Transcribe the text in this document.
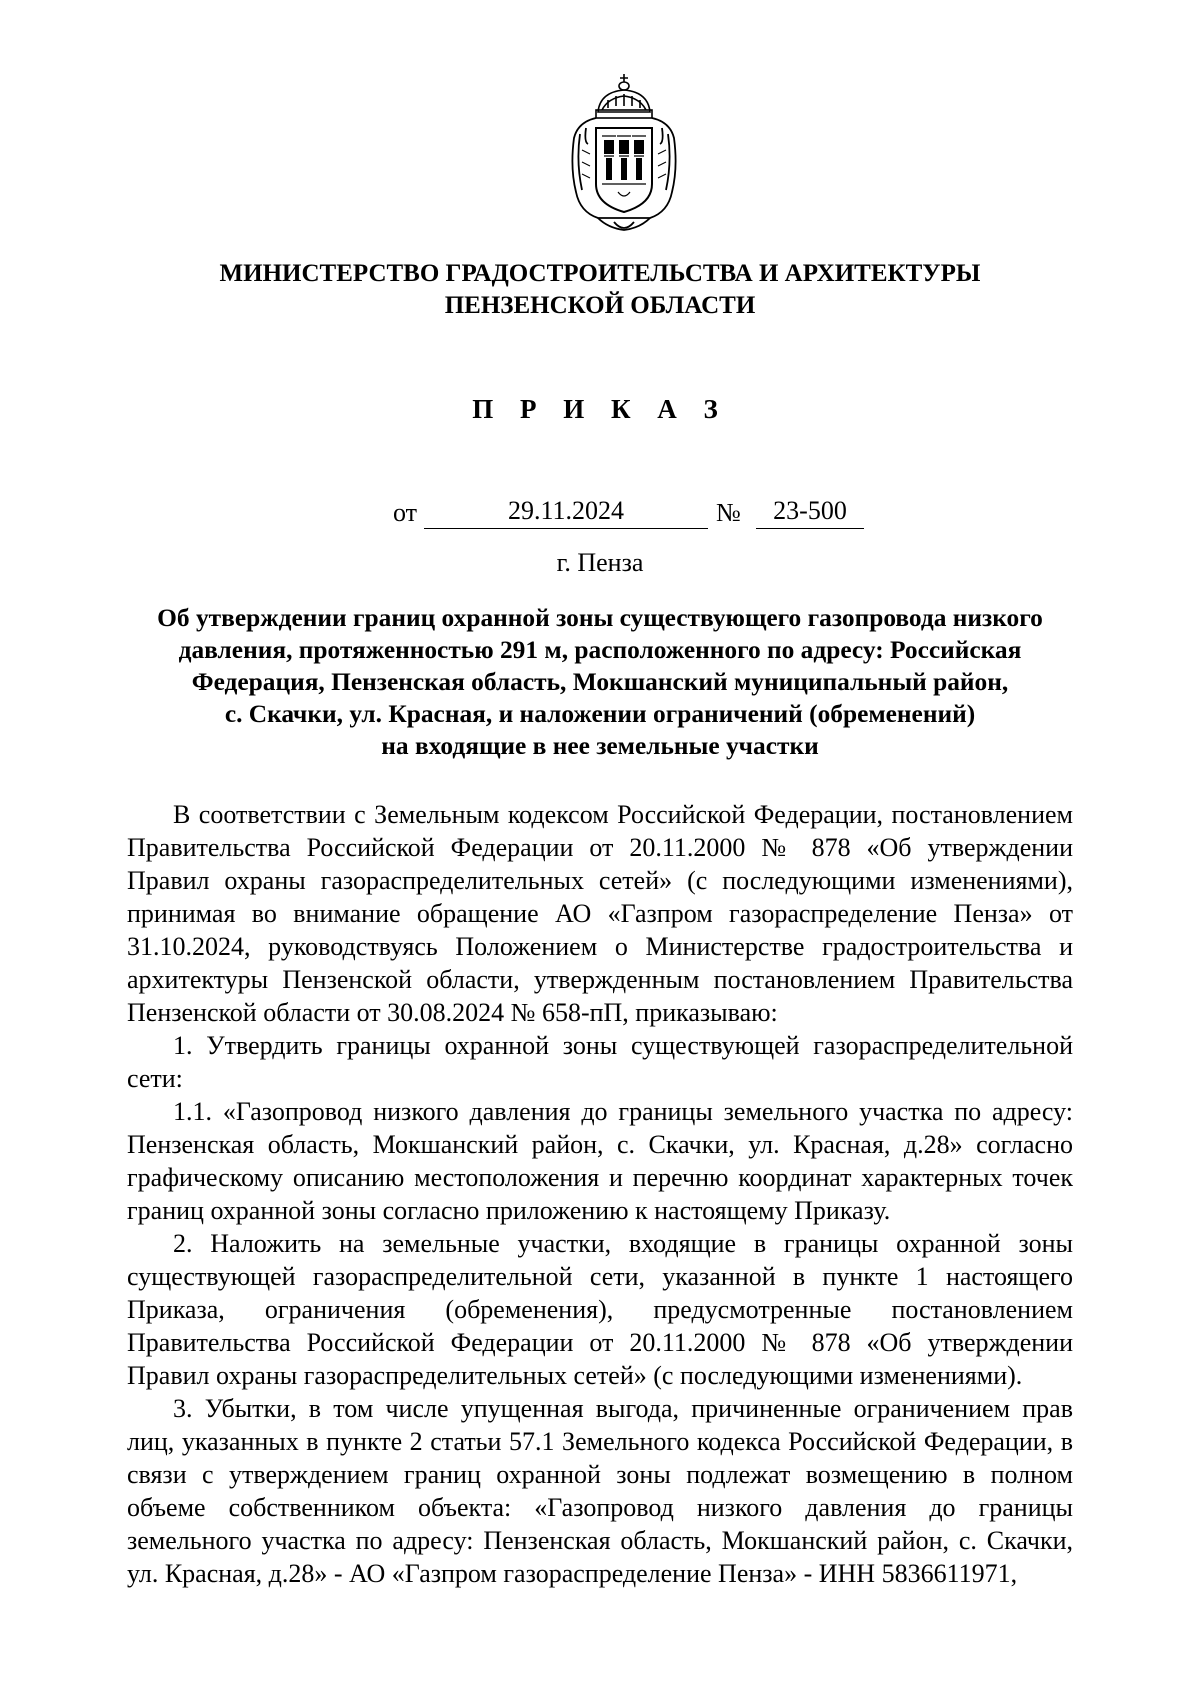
МИНИСТЕРСТВО ГРАДОСТРОИТЕЛЬСТВА И АРХИТЕКТУРЫ
ПЕНЗЕНСКОЙ ОБЛАСТИ
П Р И К А З
от	29.11.2024	№	23-500
г. Пенза
Об утверждении границ охранной зоны существующего газопровода низкого
давления, протяженностью 291 м, расположенного по адресу: Российская
Федерация, Пензенская область, Мокшанский муниципальный район,
с. Скачки, ул. Красная, и наложении ограничений (обременений)
на входящие в нее земельные участки

В соответствии с Земельным кодексом Российской Федерации, постановлением Правительства Российской Федерации от 20.11.2000 № 878 «Об утверждении Правил охраны газораспределительных сетей» (с последующими изменениями), принимая во внимание обращение АО «Газпром газораспределение Пенза» от 31.10.2024, руководствуясь Положением о Министерстве градостроительства и архитектуры Пензенской области, утвержденным постановлением Правительства Пензенской области от 30.08.2024 № 658-пП, приказываю:

1. Утвердить границы охранной зоны существующей газораспределительной сети:

1.1. «Газопровод низкого давления до границы земельного участка по адресу: Пензенская область, Мокшанский район, с. Скачки, ул. Красная, д.28» согласно графическому описанию местоположения и перечню координат характерных точек границ охранной зоны согласно приложению к настоящему Приказу.

2. Наложить на земельные участки, входящие в границы охранной зоны существующей газораспределительной сети, указанной в пункте 1 настоящего Приказа, ограничения (обременения), предусмотренные постановлением Правительства Российской Федерации от 20.11.2000 № 878 «Об утверждении Правил охраны газораспределительных сетей» (с последующими изменениями).

3. Убытки, в том числе упущенная выгода, причиненные ограничением прав лиц, указанных в пункте 2 статьи 57.1 Земельного кодекса Российской Федерации, в связи с утверждением границ охранной зоны подлежат возмещению в полном объеме собственником объекта: «Газопровод низкого давления до границы земельного участка по адресу: Пензенская область, Мокшанский район, с. Скачки, ул. Красная, д.28» - АО «Газпром газораспределение Пенза» - ИНН 5836611971,
